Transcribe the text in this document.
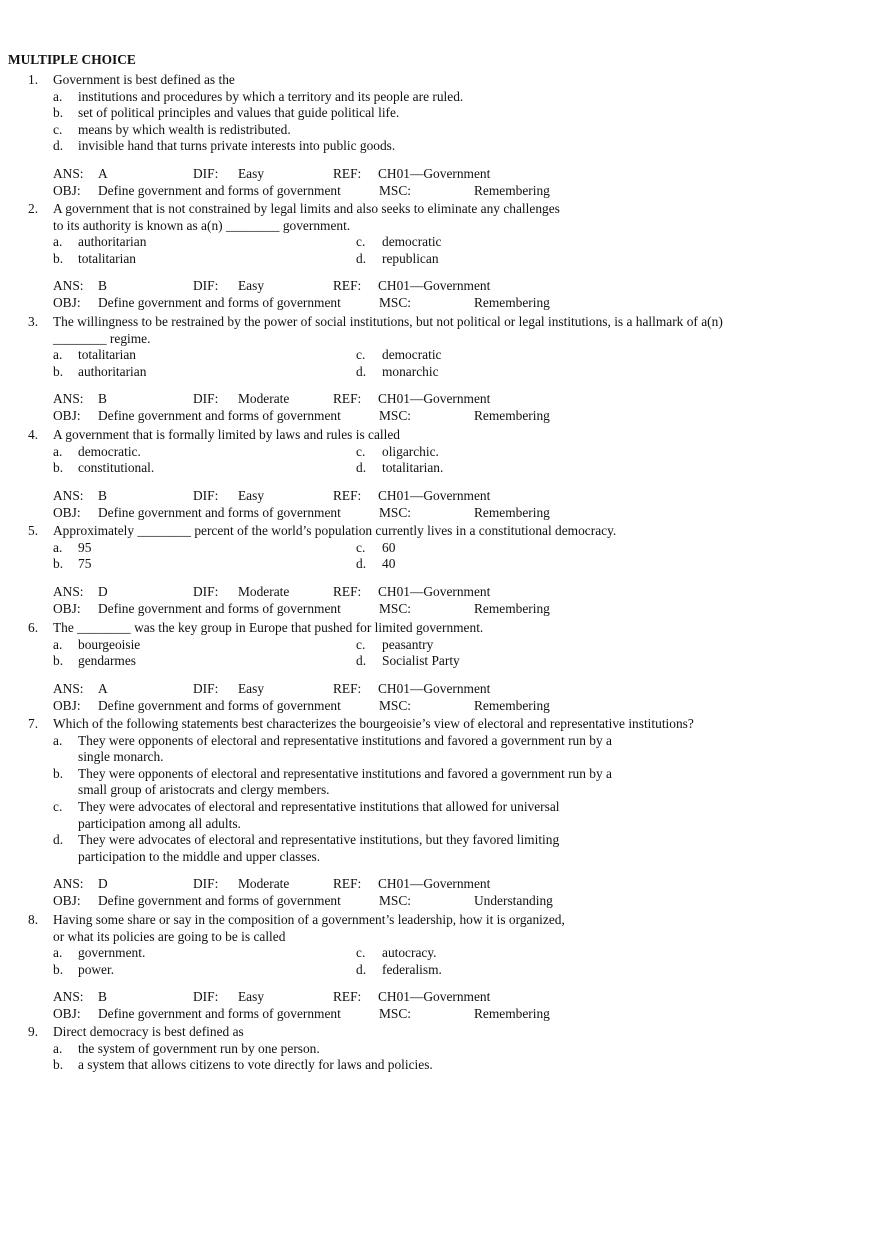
MULTIPLE CHOICE
1. Government is best defined as the
a. institutions and procedures by which a territory and its people are ruled.
b. set of political principles and values that guide political life.
c. means by which wealth is redistributed.
d. invisible hand that turns private interests into public goods.
ANS: A	DIF: Easy	REF: CH01—Government
OBJ: Define government and forms of government	MSC:	Remembering
2. A government that is not constrained by legal limits and also seeks to eliminate any challenges
to its authority is known as a(n) ________ government.
a. authoritarian
b. totalitarian
c. democratic
d. republican
ANS: B	DIF: Easy	REF: CH01—Government
OBJ: Define government and forms of government	MSC:	Remembering
3. The willingness to be restrained by the power of social institutions, but not political or legal institutions, is a hallmark of a(n)
________ regime.
a. totalitarian
b. authoritarian
c. democratic
d. monarchic
ANS: B	DIF: Moderate	REF: CH01—Government
OBJ: Define government and forms of government	MSC:	Remembering
4. A government that is formally limited by laws and rules is called
a. democratic.
b. constitutional.
c. oligarchic.
d. totalitarian.
ANS: B	DIF: Easy	REF: CH01—Government
OBJ: Define government and forms of government	MSC:	Remembering
5. Approximately ________ percent of the world’s population currently lives in a constitutional democracy.
a. 95
b. 75
c. 60
d. 40
ANS: D	DIF: Moderate	REF: CH01—Government
OBJ: Define government and forms of government	MSC:	Remembering
6. The ________ was the key group in Europe that pushed for limited government.
a. bourgeoisie
b. gendarmes
c. peasantry
d. Socialist Party
ANS: A	DIF: Easy	REF: CH01—Government
OBJ: Define government and forms of government	MSC:	Remembering
7. Which of the following statements best characterizes the bourgeoisie’s view of electoral and representative institutions?
a. They were opponents of electoral and representative institutions and favored a government run by a
single monarch.
b. They were opponents of electoral and representative institutions and favored a government run by a
small group of aristocrats and clergy members.
c. They were advocates of electoral and representative institutions that allowed for universal
participation among all adults.
d. They were advocates of electoral and representative institutions, but they favored limiting
participation to the middle and upper classes.
ANS: D	DIF: Moderate	REF: CH01—Government
OBJ: Define government and forms of government	MSC:	Understanding
8. Having some share or say in the composition of a government’s leadership, how it is organized,
or what its policies are going to be is called
a. government.
b. power.
c. autocracy.
d. federalism.
ANS: B	DIF: Easy	REF: CH01—Government
OBJ: Define government and forms of government	MSC:	Remembering
9. Direct democracy is best defined as
a. the system of government run by one person.
b. a system that allows citizens to vote directly for laws and policies.
